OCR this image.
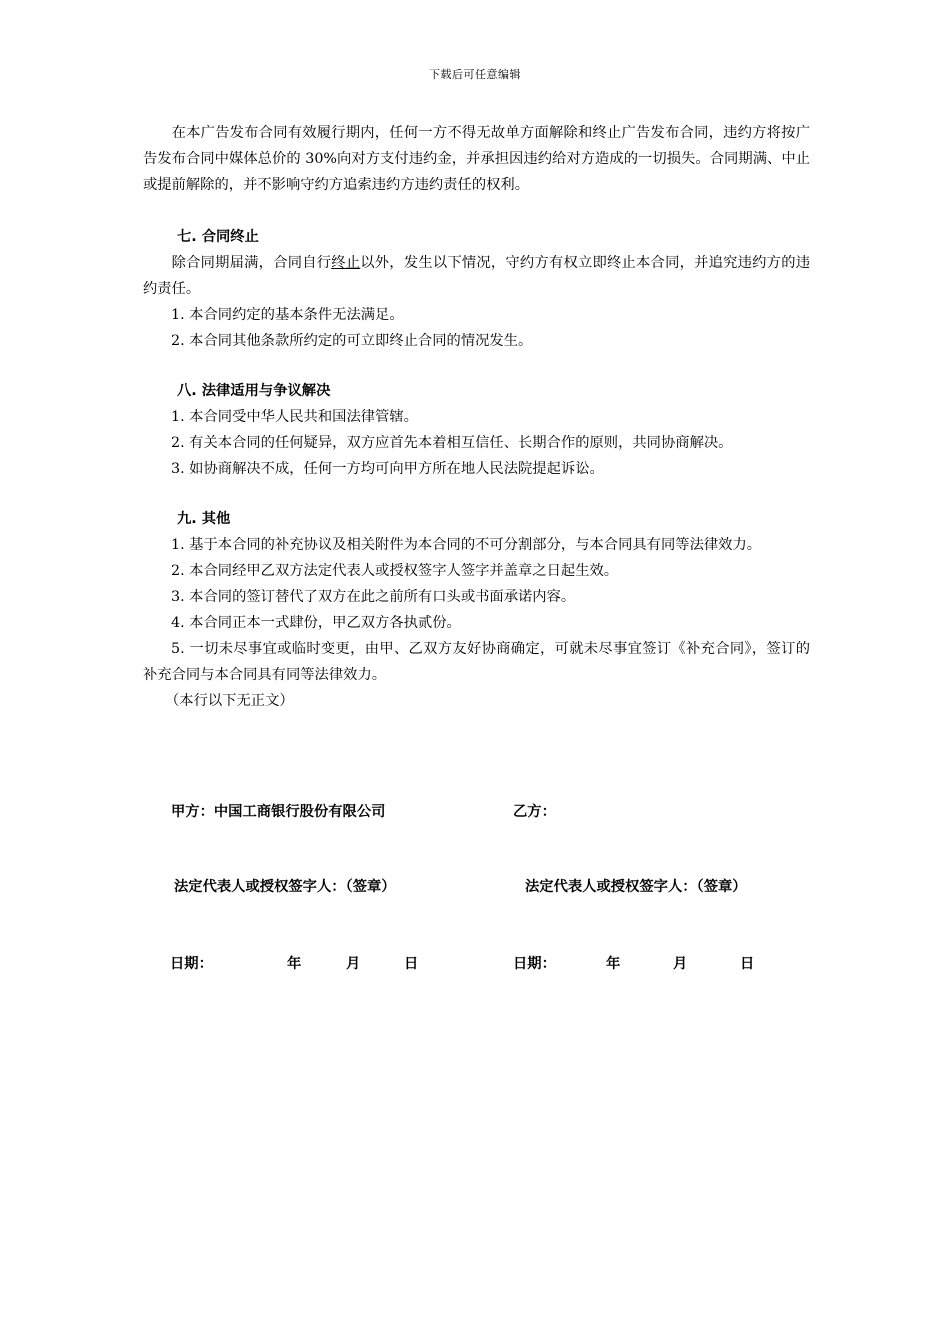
下载后可任意编辑

在本广告发布合同有效履行期内，任何一方不得无故单方面解除和终止广告发布合同，违约方将按广告发布合同中媒体总价的 30%向对方支付违约金，并承担因违约给对方造成的一切损失。合同期满、中止或提前解除的，并不影响守约方追索违约方违约责任的权利。

七. 合同终止

除合同期届满，合同自行终止以外，发生以下情况，守约方有权立即终止本合同，并追究违约方的违约责任。

1. 本合同约定的基本条件无法满足。

2. 本合同其他条款所约定的可立即终止合同的情况发生。

八. 法律适用与争议解决

1. 本合同受中华人民共和国法律管辖。

2. 有关本合同的任何疑异，双方应首先本着相互信任、长期合作的原则，共同协商解决。

3. 如协商解决不成，任何一方均可向甲方所在地人民法院提起诉讼。

九. 其他

1. 基于本合同的补充协议及相关附件为本合同的不可分割部分，与本合同具有同等法律效力。

2. 本合同经甲乙双方法定代表人或授权签字人签字并盖章之日起生效。

3. 本合同的签订替代了双方在此之前所有口头或书面承诺内容。

4. 本合同正本一式肆份，甲乙双方各执贰份。

5. 一切未尽事宜或临时变更，由甲、乙双方友好协商确定，可就未尽事宜签订《补充合同》，签订的补充合同与本合同具有同等法律效力。

（本行以下无正文）

甲方：中国工商银行股份有限公司	乙方：
法定代表人或授权签字人：（签章）	法定代表人或授权签字人：（签章）
日期：	年	月	日	日期：	年	月	日
